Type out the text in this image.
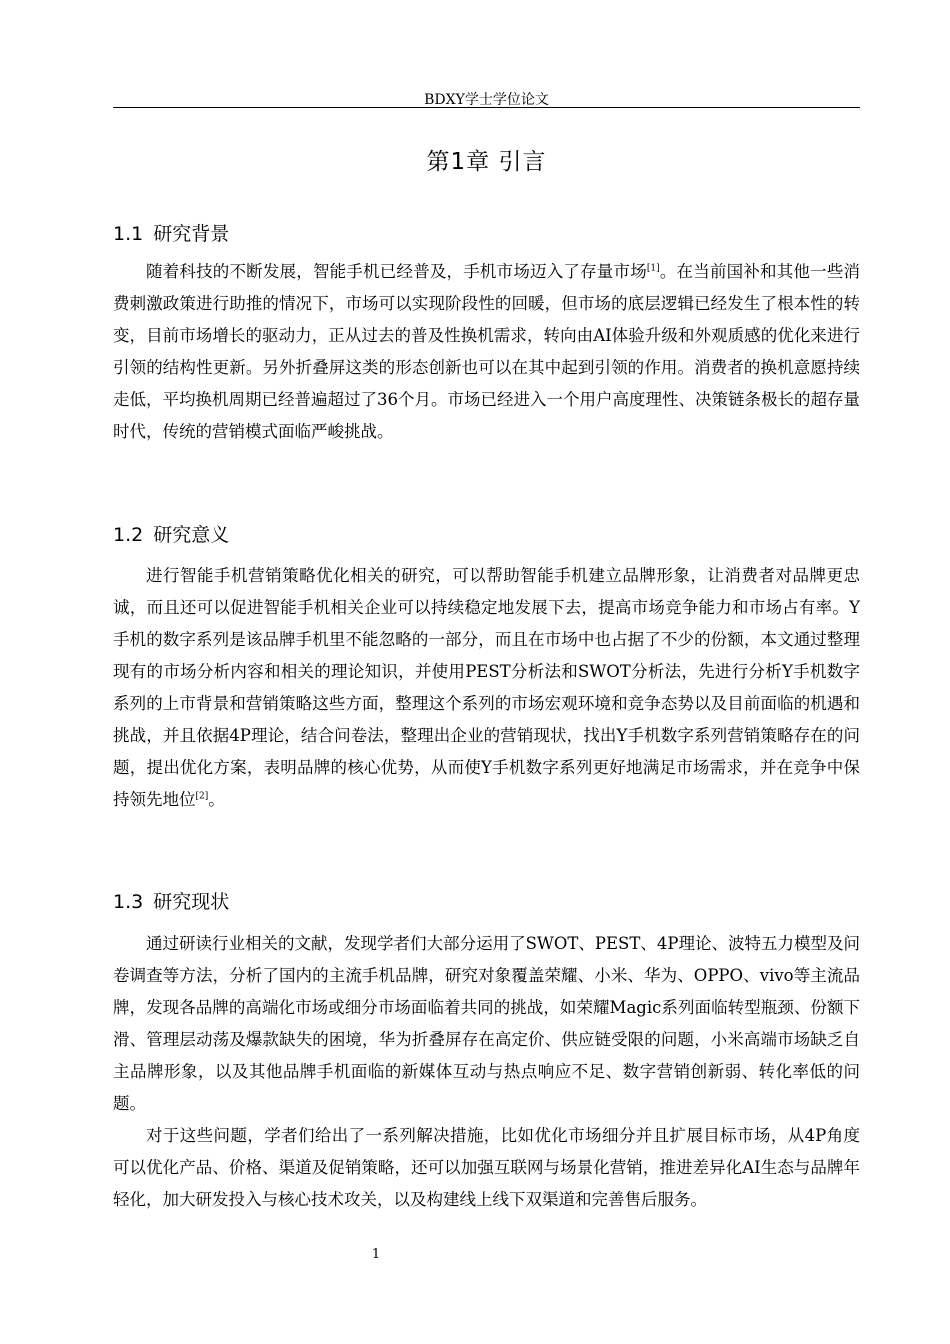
BDXY学士学位论文
第1章 引言
1.1 研究背景
随着科技的不断发展，智能手机已经普及，手机市场迈入了存量市场[1]。在当前国补和其他一些消费刺激政策进行助推的情况下，市场可以实现阶段性的回暖，但市场的底层逻辑已经发生了根本性的转变，目前市场增长的驱动力，正从过去的普及性换机需求，转向由AI体验升级和外观质感的优化来进行引领的结构性更新。另外折叠屏这类的形态创新也可以在其中起到引领的作用。消费者的换机意愿持续走低，平均换机周期已经普遍超过了36个月。市场已经进入一个用户高度理性、决策链条极长的超存量时代，传统的营销模式面临严峻挑战。
1.2 研究意义
进行智能手机营销策略优化相关的研究，可以帮助智能手机建立品牌形象，让消费者对品牌更忠诚，而且还可以促进智能手机相关企业可以持续稳定地发展下去，提高市场竞争能力和市场占有率。Y手机的数字系列是该品牌手机里不能忽略的一部分，而且在市场中也占据了不少的份额，本文通过整理现有的市场分析内容和相关的理论知识，并使用PEST分析法和SWOT分析法，先进行分析Y手机数字系列的上市背景和营销策略这些方面，整理这个系列的市场宏观环境和竞争态势以及目前面临的机遇和挑战，并且依据4P理论，结合问卷法，整理出企业的营销现状，找出Y手机数字系列营销策略存在的问题，提出优化方案，表明品牌的核心优势，从而使Y手机数字系列更好地满足市场需求，并在竞争中保持领先地位[2]。
1.3 研究现状
通过研读行业相关的文献，发现学者们大部分运用了SWOT、PEST、4P理论、波特五力模型及问卷调查等方法，分析了国内的主流手机品牌，研究对象覆盖荣耀、小米、华为、OPPO、vivo等主流品牌，发现各品牌的高端化市场或细分市场面临着共同的挑战，如荣耀Magic系列面临转型瓶颈、份额下滑、管理层动荡及爆款缺失的困境，华为折叠屏存在高定价、供应链受限的问题，小米高端市场缺乏自主品牌形象，以及其他品牌手机面临的新媒体互动与热点响应不足、数字营销创新弱、转化率低的问题。
对于这些问题，学者们给出了一系列解决措施，比如优化市场细分并且扩展目标市场，从4P角度可以优化产品、价格、渠道及促销策略，还可以加强互联网与场景化营销，推进差异化AI生态与品牌年轻化，加大研发投入与核心技术攻关，以及构建线上线下双渠道和完善售后服务。
1
